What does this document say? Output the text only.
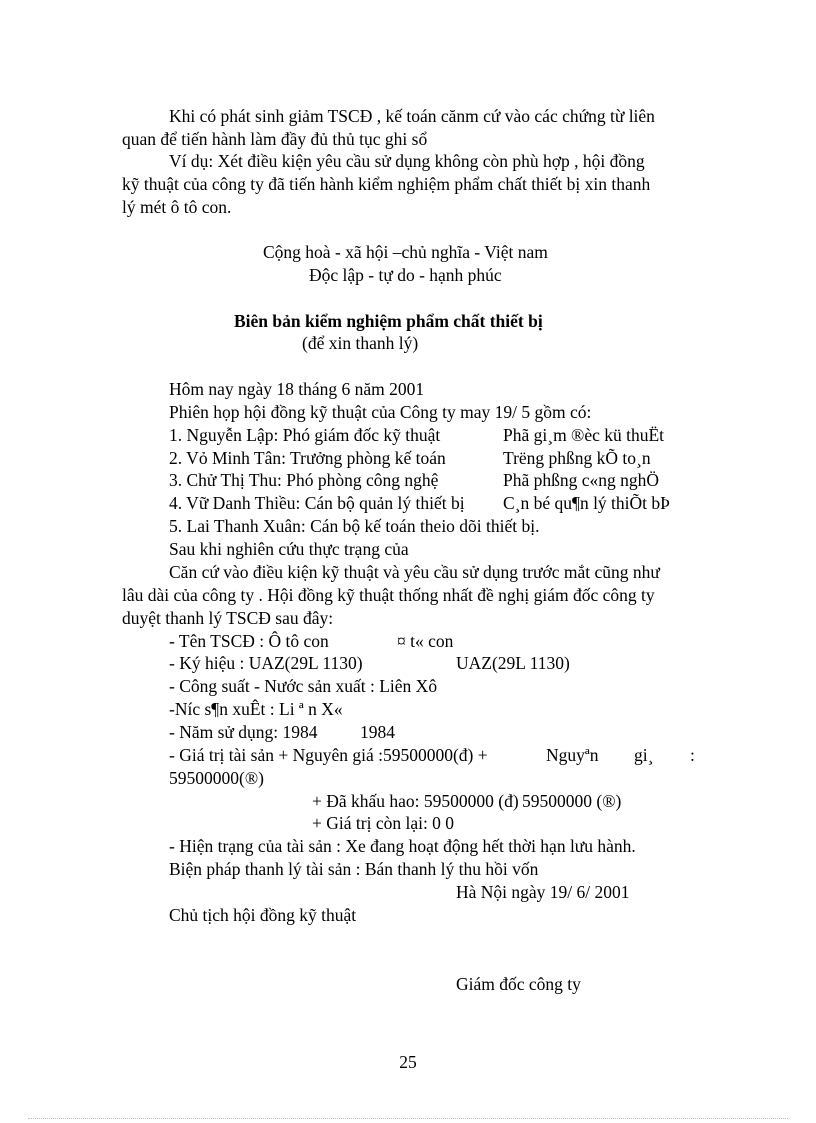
Khi có phát sinh giảm TSCĐ , kế toán cănm cứ vào các chứng từ liên
quan để tiến hành làm đầy đủ thủ tục ghi sổ
Ví dụ: Xét điều kiện yêu cầu sử dụng không còn phù hợp , hội đồng
kỹ thuật của công ty đã tiến hành kiểm nghiệm phẩm chất thiết bị xin thanh
lý mét ô tô con.
Cộng hoà - xã hội –chủ nghĩa - Việt nam
Độc lập - tự do - hạnh phúc
Biên bản kiểm nghiệm phẩm chất thiết bị
(để xin thanh lý)
Hôm nay ngày 18 tháng 6 năm 2001
Phiên họp hội đồng kỹ thuật của Công ty may 19/ 5 gồm có:
1. Nguyễn Lập: Phó giám đốc kỹ thuật	Phã gi¸m ®èc kü thuËt
2. Vỏ Minh Tân: Trưởng phòng kế toán	Trëng phßng kÕ to¸n
3. Chử Thị Thu: Phó phòng công nghệ	Phã phßng c«ng nghÖ
4. Vữ Danh Thiều: Cán bộ quản lý thiết bị C¸n bé qu¶n lý thiÕt bÞ
5. Lai Thanh Xuân: Cán bộ kế toán theio dõi thiết bị.
Sau khi nghiên cứu thực trạng của
Căn cứ vào điều kiện kỹ thuật và yêu cầu sử dụng trước mắt cũng như
lâu dài của công ty . Hội đồng kỹ thuật thống nhất đề nghị giám đốc công ty
duyệt thanh lý TSCĐ sau đây:
- Tên TSCĐ : Ô tô con	¤ t« con
- Ký hiệu : UAZ(29L 1130)	UAZ(29L 1130)
- Công suất - Nước sản xuất : Liên Xô
-Níc s¶n xuÊt : Li ª n X«
- Năm sử dụng: 1984 1984
- Giá trị tài sản + Nguyên giá :59500000(đ) +	Nguyªn gi¸ :
59500000(®)
+ Đã khấu hao: 59500000 (đ) 59500000 (®)
+ Giá trị còn lại: 0 0
- Hiện trạng của tài sản : Xe đang hoạt động hết thời hạn lưu hành.
Biện pháp thanh lý tài sản : Bán thanh lý thu hồi vốn
Hà Nội ngày 19/ 6/ 2001
Chủ tịch hội đồng kỹ thuật
Giám đốc công ty
25
